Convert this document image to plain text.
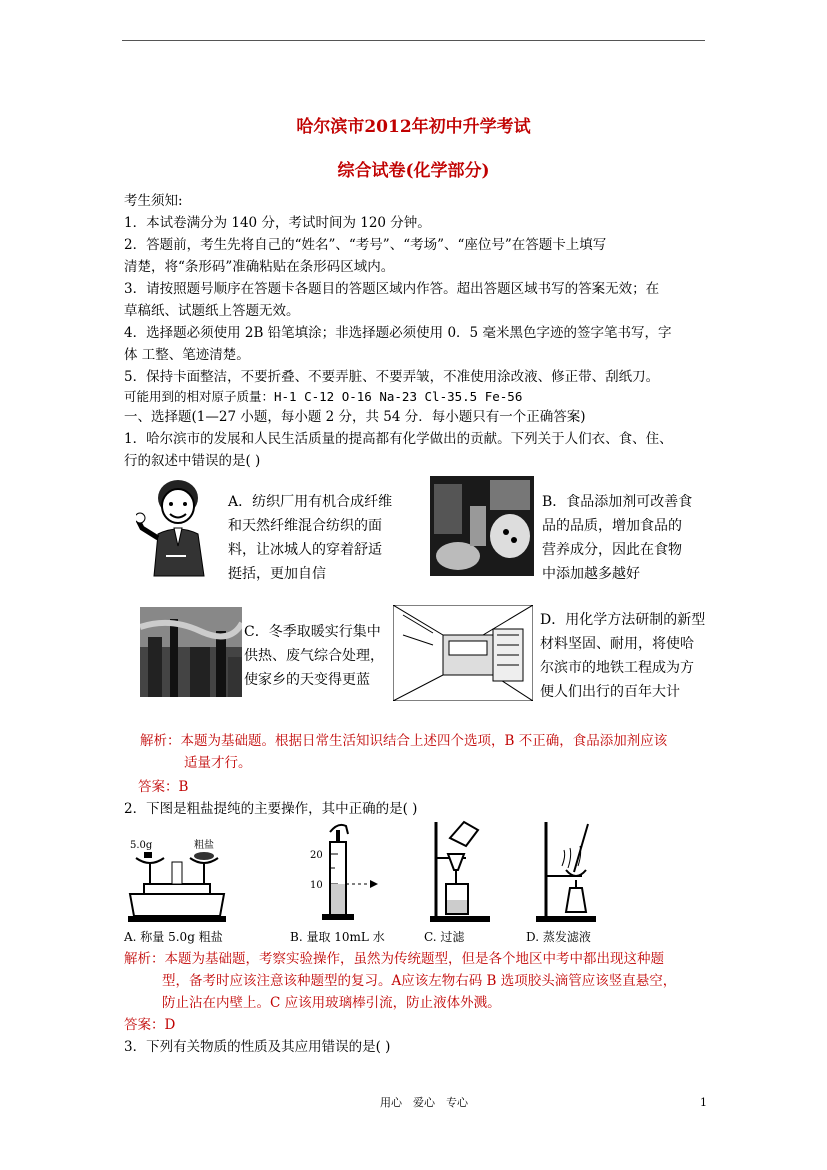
哈尔滨市2012年初中升学考试
综合试卷(化学部分)
考生须知:
1．本试卷满分为 140 分，考试时间为 120 分钟。
2．答题前，考生先将自己的“姓名”、“考号”、“考场”、“座位号”在答题卡上填写
清楚，将“条形码”准确粘贴在条形码区域内。
3．请按照题号顺序在答题卡各题目的答题区域内作答。超出答题区域书写的答案无效；在
草稿纸、试题纸上答题无效。
4．选择题必须使用 2B 铅笔填涂；非选择题必须使用 0．5 毫米黑色字迹的签字笔书写，字
体 工整、笔迹清楚。
5．保持卡面整洁，不要折叠、不要弄脏、不要弄皱，不准使用涂改液、修正带、刮纸刀。
可能用到的相对原子质量：H-1 C-12 O-16 Na-23 Cl-35.5 Fe-56
一、选择题(1—27 小题，每小题 2 分，共 54 分．每小题只有一个正确答案)
1．哈尔滨市的发展和人民生活质量的提高都有化学做出的贡献。下列关于人们衣、食、住、
行的叙述中错误的是( )
A．纺织厂用有机合成纤维
和天然纤维混合纺织的面
料，让冰城人的穿着舒适
挺括，更加自信
B．食品添加剂可改善食
品的品质，增加食品的
营养成分，因此在食物
中添加越多越好
C．冬季取暖实行集中
供热、废气综合处理，
使家乡的天变得更蓝
D．用化学方法研制的新型
材料坚固、耐用，将使哈
尔滨市的地铁工程成为方
便人们出行的百年大计
解析：本题为基础题。根据日常生活知识结合上述四个选项，B 不正确，食品添加剂应该
适量才行。
答案：B
2．下图是粗盐提纯的主要操作，其中正确的是( )
5.0g	粗盐
20
10
A. 称量 5.0g 粗盐	B. 量取 10mL 水	C. 过滤	D. 蒸发滤液
解析：本题为基础题，考察实验操作，虽然为传统题型，但是各个地区中考中都出现这种题
型，备考时应该注意该种题型的复习。A应该左物右码 B 选项胶头滴管应该竖直悬空，
防止沾在内壁上。C 应该用玻璃棒引流，防止液体外溅。
答案：D
3．下列有关物质的性质及其应用错误的是( )
用心　爱心　专心	1
